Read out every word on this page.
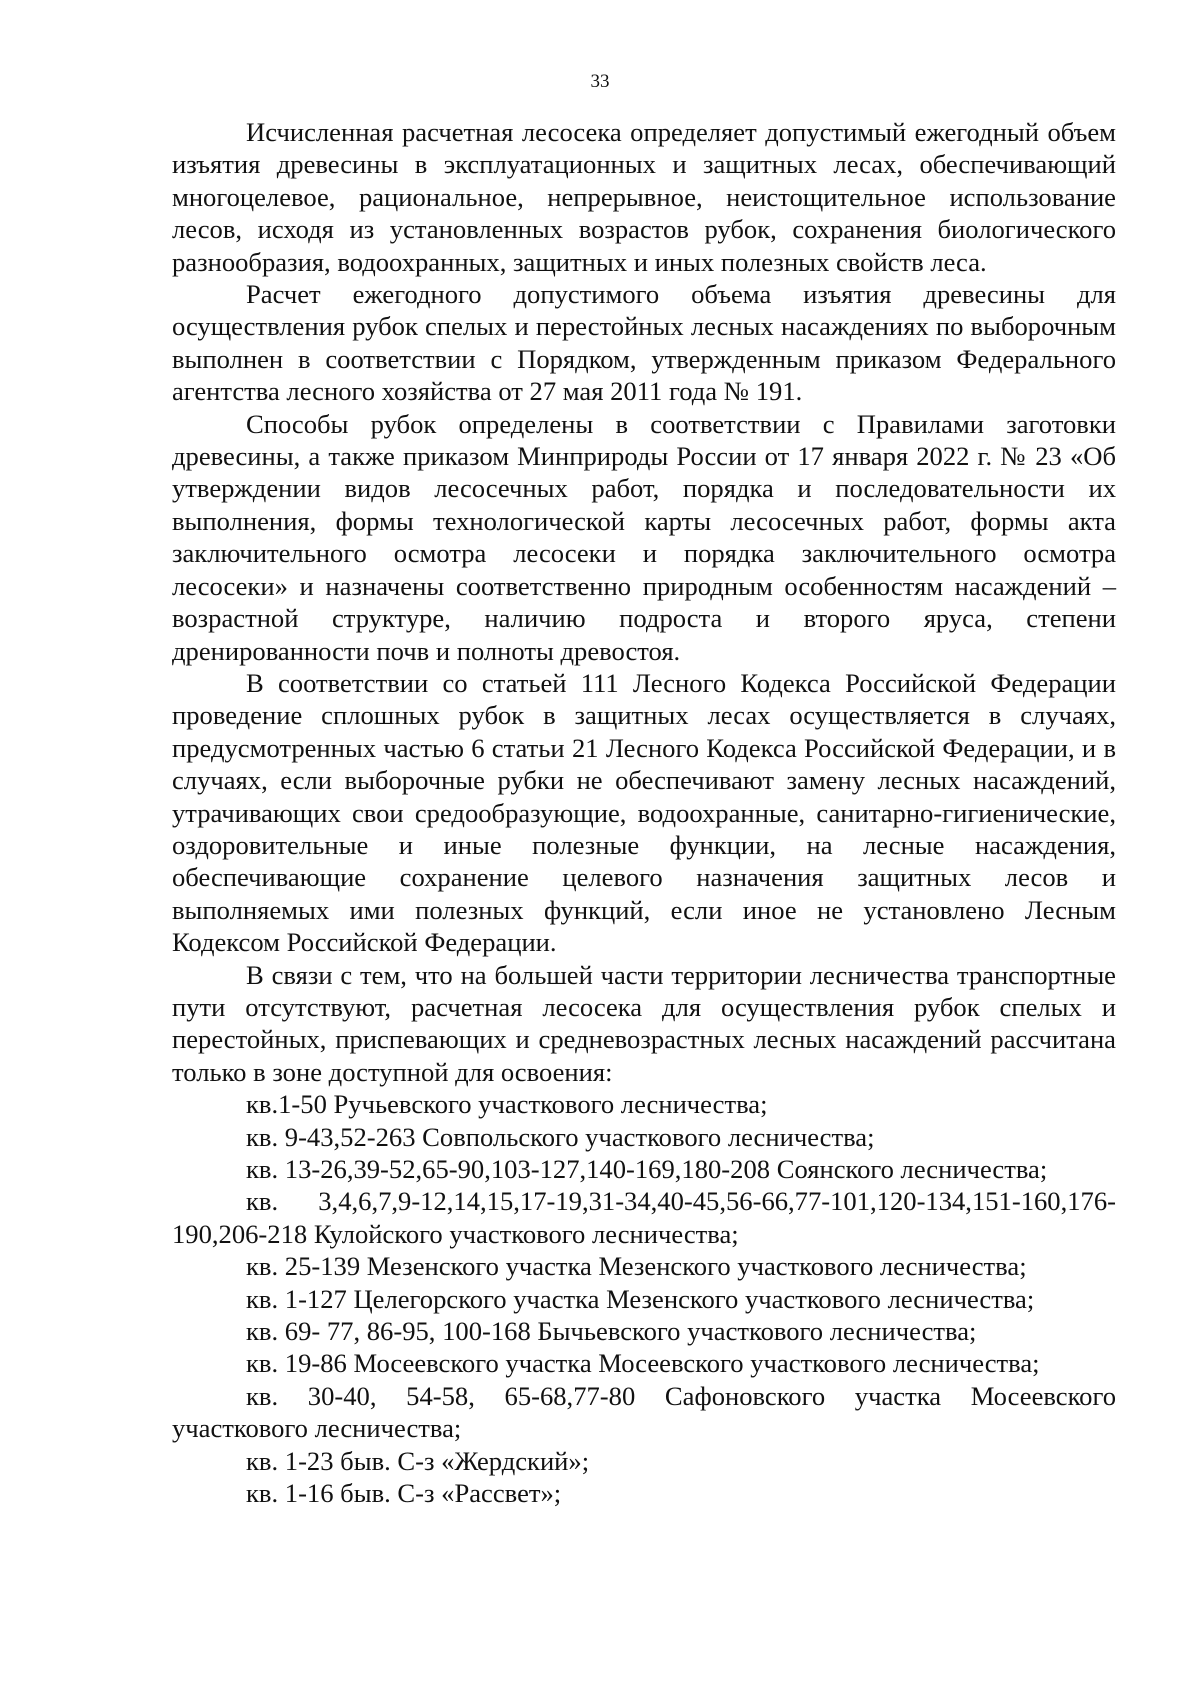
33

Исчисленная расчетная лесосека определяет допустимый ежегодный объем изъятия древесины в эксплуатационных и защитных лесах, обеспечивающий многоцелевое, рациональное, непрерывное, неистощительное использование лесов, исходя из установленных возрастов рубок, сохранения биологического разнообразия, водоохранных, защитных и иных полезных свойств леса.

Расчет ежегодного допустимого объема изъятия древесины для осуществления рубок спелых и перестойных лесных насаждениях по выборочным выполнен в соответствии с Порядком, утвержденным приказом Федерального агентства лесного хозяйства от 27 мая 2011 года № 191.

Способы рубок определены в соответствии с Правилами заготовки древесины, а также приказом Минприроды России от 17 января 2022 г. № 23 «Об утверждении видов лесосечных работ, порядка и последовательности их выполнения, формы технологической карты лесосечных работ, формы акта заключительного осмотра лесосеки и порядка заключительного осмотра лесосеки» и назначены соответственно природным особенностям насаждений – возрастной структуре, наличию подроста и второго яруса, степени дренированности почв и полноты древостоя.

В соответствии со статьей 111 Лесного Кодекса Российской Федерации проведение сплошных рубок в защитных лесах осуществляется в случаях, предусмотренных частью 6 статьи 21 Лесного Кодекса Российской Федерации, и в случаях, если выборочные рубки не обеспечивают замену лесных насаждений, утрачивающих свои средообразующие, водоохранные, санитарно-гигиенические, оздоровительные и иные полезные функции, на лесные насаждения, обеспечивающие сохранение целевого назначения защитных лесов и выполняемых ими полезных функций, если иное не установлено Лесным Кодексом Российской Федерации.

В связи с тем, что на большей части территории лесничества транспортные пути отсутствуют, расчетная лесосека для осуществления рубок спелых и перестойных, приспевающих и средневозрастных лесных насаждений рассчитана только в зоне доступной для освоения:

кв.1-50 Ручьевского участкового лесничества;

кв. 9-43,52-263 Совпольского участкового лесничества;

кв. 13-26,39-52,65-90,103-127,140-169,180-208 Соянского лесничества;

кв. 3,4,6,7,9-12,14,15,17-19,31-34,40-45,56-66,77-101,120-134,151-160,176-190,206-218 Кулойского участкового лесничества;

кв. 25-139 Мезенского участка Мезенского участкового лесничества;

кв. 1-127 Целегорского участка Мезенского участкового лесничества;

кв. 69- 77, 86-95, 100-168 Бычьевского участкового лесничества;

кв. 19-86 Мосеевского участка Мосеевского участкового лесничества;

кв. 30-40, 54-58, 65-68,77-80 Сафоновского участка Мосеевского участкового лесничества;

кв. 1-23 быв. С-з «Жердский»;

кв. 1-16 быв. С-з «Рассвет»;
